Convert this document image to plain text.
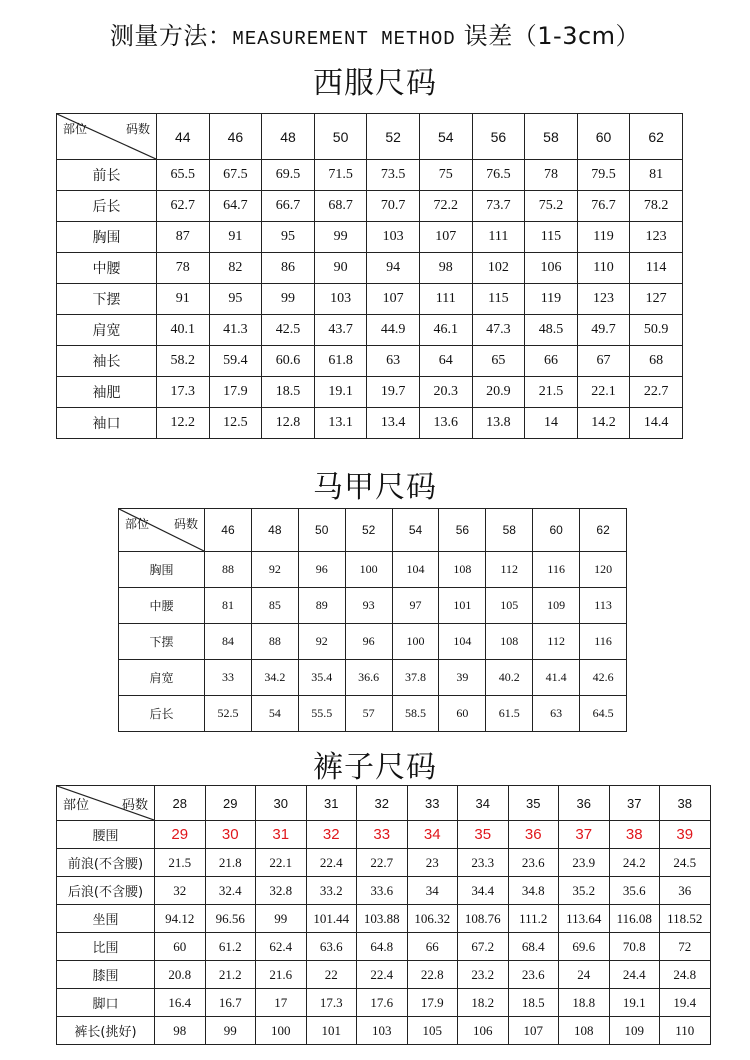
测量方法：MEASUREMENT METHOD 误差（1-3cm）
西服尺码
部位 码数	44	46	48	50	52	54	56	58	60	62
前长	65.5	67.5	69.5	71.5	73.5	75	76.5	78	79.5	81
后长	62.7	64.7	66.7	68.7	70.7	72.2	73.7	75.2	76.7	78.2
胸围	87	91	95	99	103	107	111	115	119	123
中腰	78	82	86	90	94	98	102	106	110	114
下摆	91	95	99	103	107	111	115	119	123	127
肩宽	40.1	41.3	42.5	43.7	44.9	46.1	47.3	48.5	49.7	50.9
袖长	58.2	59.4	60.6	61.8	63	64	65	66	67	68
袖肥	17.3	17.9	18.5	19.1	19.7	20.3	20.9	21.5	22.1	22.7
袖口	12.2	12.5	12.8	13.1	13.4	13.6	13.8	14	14.2	14.4
马甲尺码
部位 码数	46	48	50	52	54	56	58	60	62
胸围	88	92	96	100	104	108	112	116	120
中腰	81	85	89	93	97	101	105	109	113
下摆	84	88	92	96	100	104	108	112	116
肩宽	33	34.2	35.4	36.6	37.8	39	40.2	41.4	42.6
后长	52.5	54	55.5	57	58.5	60	61.5	63	64.5
裤子尺码
部位 码数	28	29	30	31	32	33	34	35	36	37	38
腰围	29	30	31	32	33	34	35	36	37	38	39
前浪(不含腰)	21.5	21.8	22.1	22.4	22.7	23	23.3	23.6	23.9	24.2	24.5
后浪(不含腰)	32	32.4	32.8	33.2	33.6	34	34.4	34.8	35.2	35.6	36
坐围	94.12	96.56	99	101.44	103.88	106.32	108.76	111.2	113.64	116.08	118.52
比围	60	61.2	62.4	63.6	64.8	66	67.2	68.4	69.6	70.8	72
膝围	20.8	21.2	21.6	22	22.4	22.8	23.2	23.6	24	24.4	24.8
脚口	16.4	16.7	17	17.3	17.6	17.9	18.2	18.5	18.8	19.1	19.4
裤长(挑好)	98	99	100	101	103	105	106	107	108	109	110
